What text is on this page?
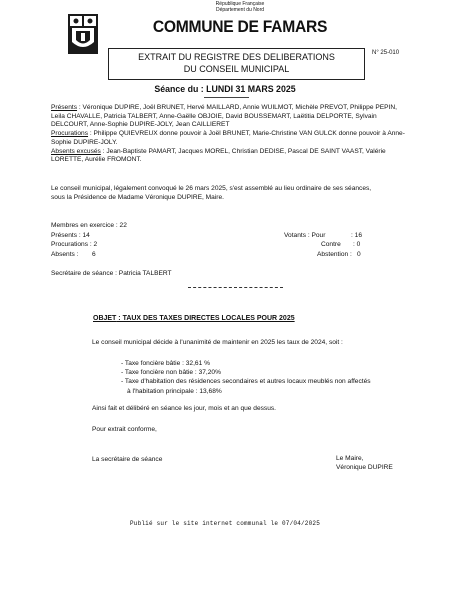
République Française
Département du Nord
COMMUNE DE FAMARS
EXTRAIT DU REGISTRE DES DELIBERATIONS
DU CONSEIL MUNICIPAL
N° 25-010
Séance du : LUNDI 31 MARS 2025
Présents : Véronique DUPIRE, Joël BRUNET, Hervé MAILLARD, Annie WUILMOT, Michèle PREVOT, Philippe PEPIN, Leila CHAVALLE, Patricia TALBERT, Anne-Gaëlle OBJOIE, David BOUSSEMART, Laëtitia DELPORTE, Sylvain DELCOURT, Anne-Sophie DUPIRE-JOLY, Jean CAILLIERET
Procurations : Philippe QUIEVREUX donne pouvoir à Joël BRUNET, Marie-Christine VAN GULCK donne pouvoir à Anne-Sophie DUPIRE-JOLY.
Absents excusés : Jean-Baptiste PAMART, Jacques MOREL, Christian DEDISE, Pascal DE SAINT VAAST, Valérie LORETTE, Aurélie FROMONT.
Le conseil municipal, légalement convoqué le 26 mars 2025, s'est assemblé au lieu ordinaire de ses séances, sous la Présidence de Madame Véronique DUPIRE, Maire.
Membres en exercice : 22
Présents : 14	Votants : Pour	: 16
Procurations : 2	Contre : 0
Absents : 6	Abstention : 0
Secrétaire de séance : Patricia TALBERT
OBJET : TAUX DES TAXES DIRECTES LOCALES POUR 2025
Le conseil municipal décide à l'unanimité de maintenir en 2025 les taux de 2024, soit :
- Taxe foncière bâtie : 32,61 %
- Taxe foncière non bâtie : 37,20%
- Taxe d'habitation des résidences secondaires et autres locaux meublés non affectés
à l'habitation principale : 13,68%
Ainsi fait et délibéré en séance les jour, mois et an que dessus.
Pour extrait conforme,
La secrétaire de séance	Le Maire,
Véronique DUPIRE
Publié sur le site internet communal le 07/04/2025
